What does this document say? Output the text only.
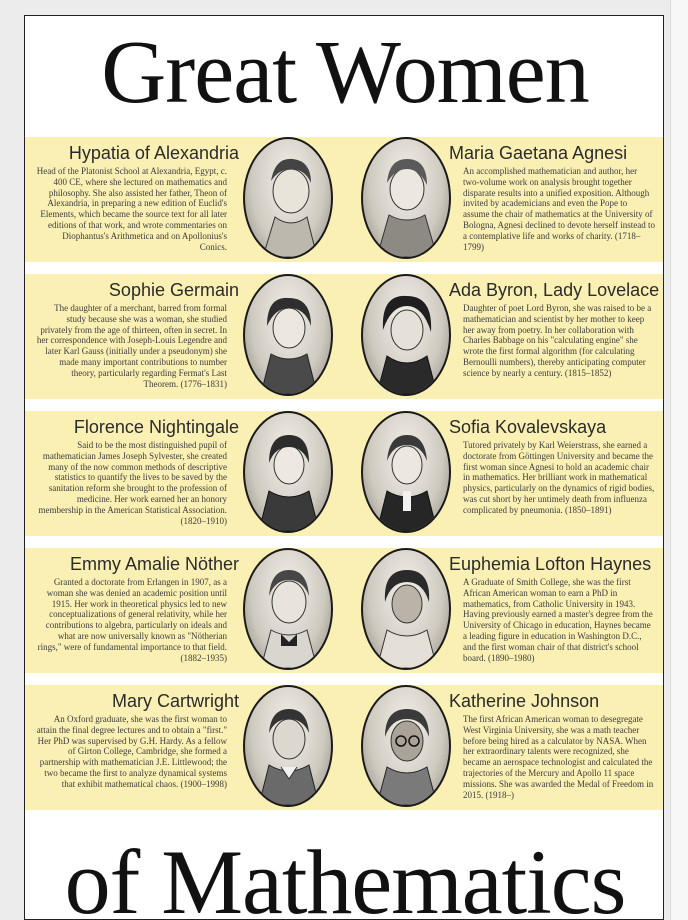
Great Women
Hypatia of Alexandria
Head of the Platonist School at Alexandria, Egypt, c. 400 CE, where she lectured on mathematics and philosophy. She also assisted her father, Theon of Alexandria, in preparing a new edition of Euclid's Elements, which became the source text for all later editions of that work, and wrote commentaries on Diophantus's Arithmetica and on Apollonius's Conics.
Maria Gaetana Agnesi
An accomplished mathematician and author, her two-volume work on analysis brought together disparate results into a unified exposition. Although invited by academicians and even the Pope to assume the chair of mathematics at the University of Bologna, Agnesi declined to devote herself instead to a contemplative life and works of charity. (1718–1799)
Sophie Germain
The daughter of a merchant, barred from formal study because she was a woman, she studied privately from the age of thirteen, often in secret. In her correspondence with Joseph-Louis Legendre and later Karl Gauss (initially under a pseudonym) she made many important contributions to number theory, particularly regarding Fermat's Last Theorem. (1776–1831)
Ada Byron, Lady Lovelace
Daughter of poet Lord Byron, she was raised to be a mathematician and scientist by her mother to keep her away from poetry. In her collaboration with Charles Babbage on his "calculating engine" she wrote the first formal algorithm (for calculating Bernoulli numbers), thereby anticipating computer science by nearly a century. (1815–1852)
Florence Nightingale
Said to be the most distinguished pupil of mathematician James Joseph Sylvester, she created many of the now common methods of descriptive statistics to quantify the lives to be saved by the sanitation reform she brought to the profession of medicine. Her work earned her an honory membership in the American Statistical Association. (1820–1910)
Sofia Kovalevskaya
Tutored privately by Karl Weierstrass, she earned a doctorate from Göttingen University and became the first woman since Agnesi to hold an academic chair in mathematics. Her brilliant work in mathematical physics, particularly on the dynamics of rigid bodies, was cut short by her untimely death from influenza complicated by pneumonia. (1850–1891)
Emmy Amalie Nöther
Granted a doctorate from Erlangen in 1907, as a woman she was denied an academic position until 1915. Her work in theoretical physics led to new conceptualizations of general relativity, while her contributions to algebra, particularly on ideals and what are now universally known as "Nötherian rings," were of fundamental importance to that field. (1882–1935)
Euphemia Lofton Haynes
A Graduate of Smith College, she was the first African American woman to earn a PhD in mathematics, from Catholic University in 1943. Having previously earned a master's degree from the University of Chicago in education, Haynes became a leading figure in education in Washington D.C., and the first woman chair of that district's school board. (1890–1980)
Mary Cartwright
An Oxford graduate, she was the first woman to attain the final degree lectures and to obtain a "first." Her PhD was supervised by G.H. Hardy. As a fellow of Girton College, Cambridge, she formed a partnership with mathematician J.E. Littlewood; the two became the first to analyze dynamical systems that exhibit mathematical chaos. (1900–1998)
Katherine Johnson
The first African American woman to desegregate West Virginia University, she was a math teacher before being hired as a calculator by NASA. When her extraordinary talents were recognized, she became an aerospace technologist and calculated the trajectories of the Mercury and Apollo 11 space missions. She was awarded the Medal of Freedom in 2015. (1918–)
of Mathematics
